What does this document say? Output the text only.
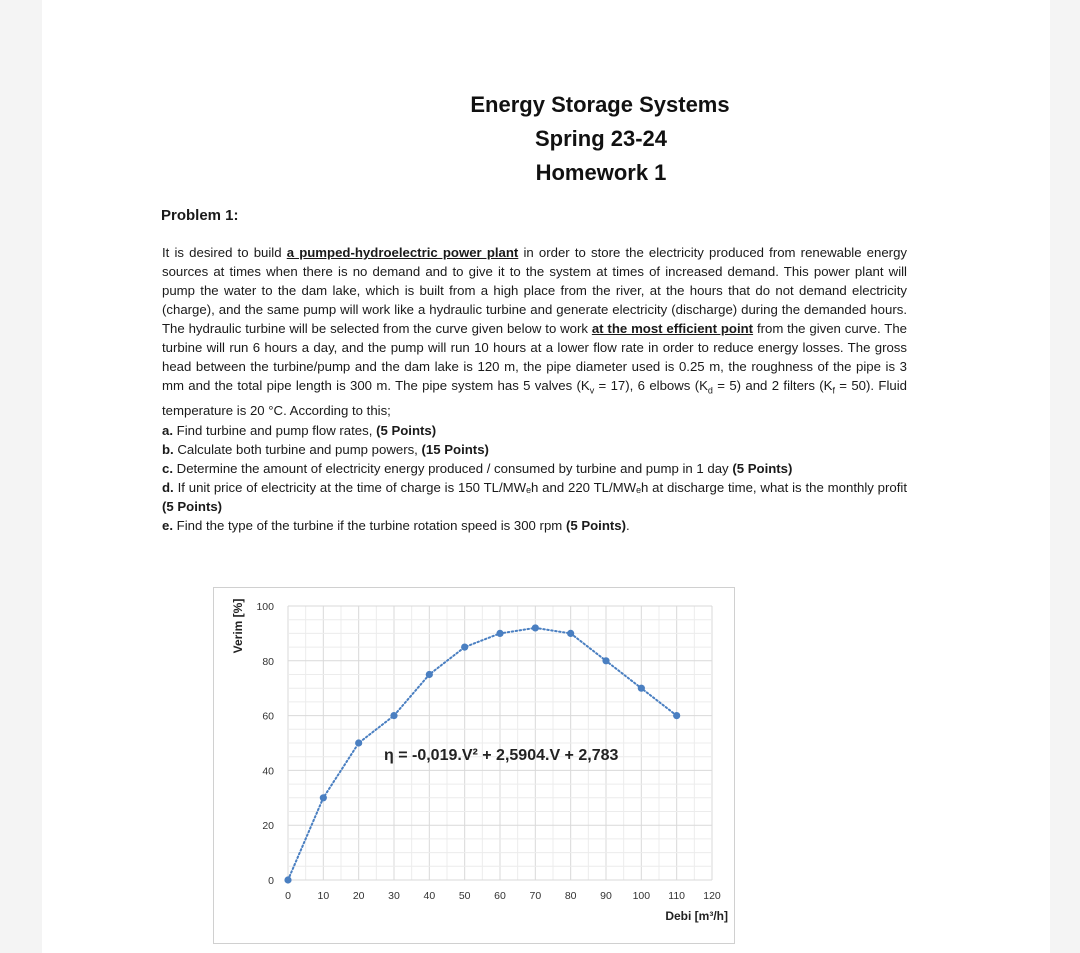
Energy Storage Systems
Spring 23-24
Homework 1
Problem 1:
It is desired to build a pumped-hydroelectric power plant in order to store the electricity produced from renewable energy sources at times when there is no demand and to give it to the system at times of increased demand. This power plant will pump the water to the dam lake, which is built from a high place from the river, at the hours that do not demand electricity (charge), and the same pump will work like a hydraulic turbine and generate electricity (discharge) during the demanded hours. The hydraulic turbine will be selected from the curve given below to work at the most efficient point from the given curve. The turbine will run 6 hours a day, and the pump will run 10 hours at a lower flow rate in order to reduce energy losses. The gross head between the turbine/pump and the dam lake is 120 m, the pipe diameter used is 0.25 m, the roughness of the pipe is 3 mm and the total pipe length is 300 m. The pipe system has 5 valves $(K_v = 17)$, 6 elbows $(K_d = 5)$ and 2 filters $(K_f = 50)$. Fluid temperature is 20 °C. According to this;
a. Find turbine and pump flow rates, (5 Points)
b. Calculate both turbine and pump powers, (15 Points)
c. Determine the amount of electricity energy produced / consumed by turbine and pump in 1 day (5 Points)
d. If unit price of electricity at the time of charge is 150 TL/MWₑh and 220 TL/MWₑh at discharge time, what is the monthly profit (5 Points)
e. Find the type of the turbine if the turbine rotation speed is 300 rpm (5 Points).
0
20
40
60
80
100
0	10 20 30 40 50 60 70 80 90 100 110 120
Verim [%]
Debi [m³/h]
η = -0,019.V² + 2,5904.V + 2,783
